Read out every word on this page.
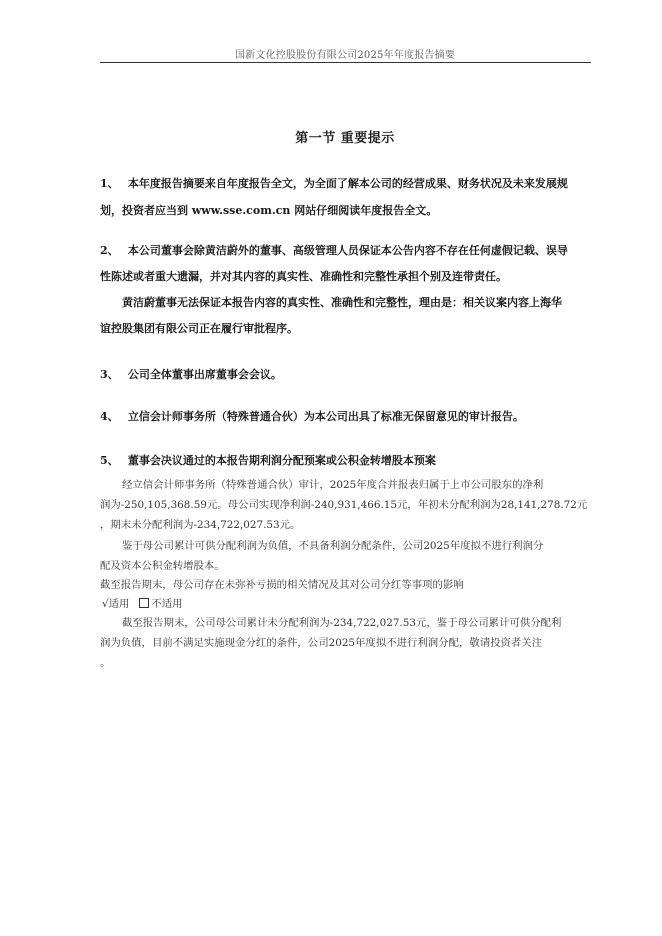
国新文化控股股份有限公司2025年年度报告摘要
第一节 重要提示
1、 本年度报告摘要来自年度报告全文，为全面了解本公司的经营成果、财务状况及未来发展规
划，投资者应当到 www.sse.com.cn 网站仔细阅读年度报告全文。
2、 本公司董事会除黄洁蔚外的董事、高级管理人员保证本公告内容不存在任何虚假记载、误导
性陈述或者重大遗漏，并对其内容的真实性、准确性和完整性承担个别及连带责任。
黄洁蔚董事无法保证本报告内容的真实性、准确性和完整性，理由是：相关议案内容上海华
谊控股集团有限公司正在履行审批程序。
3、 公司全体董事出席董事会会议。
4、 立信会计师事务所（特殊普通合伙）为本公司出具了标准无保留意见的审计报告。
5、 董事会决议通过的本报告期利润分配预案或公积金转增股本预案
经立信会计师事务所（特殊普通合伙）审计，2025年度合并报表归属于上市公司股东的净利
润为-250,105,368.59元。母公司实现净利润-240,931,466.15元，年初未分配利润为28,141,278.72元
，期末未分配利润为-234,722,027.53元。
鉴于母公司累计可供分配利润为负值，不具备利润分配条件，公司2025年度拟不进行利润分
配及资本公积金转增股本。
截至报告期末，母公司存在未弥补亏损的相关情况及其对公司分红等事项的影响
√适用 不适用
截至报告期末，公司母公司累计未分配利润为-234,722,027.53元，鉴于母公司累计可供分配利
润为负值，目前不满足实施现金分红的条件，公司2025年度拟不进行利润分配，敬请投资者关注
。
